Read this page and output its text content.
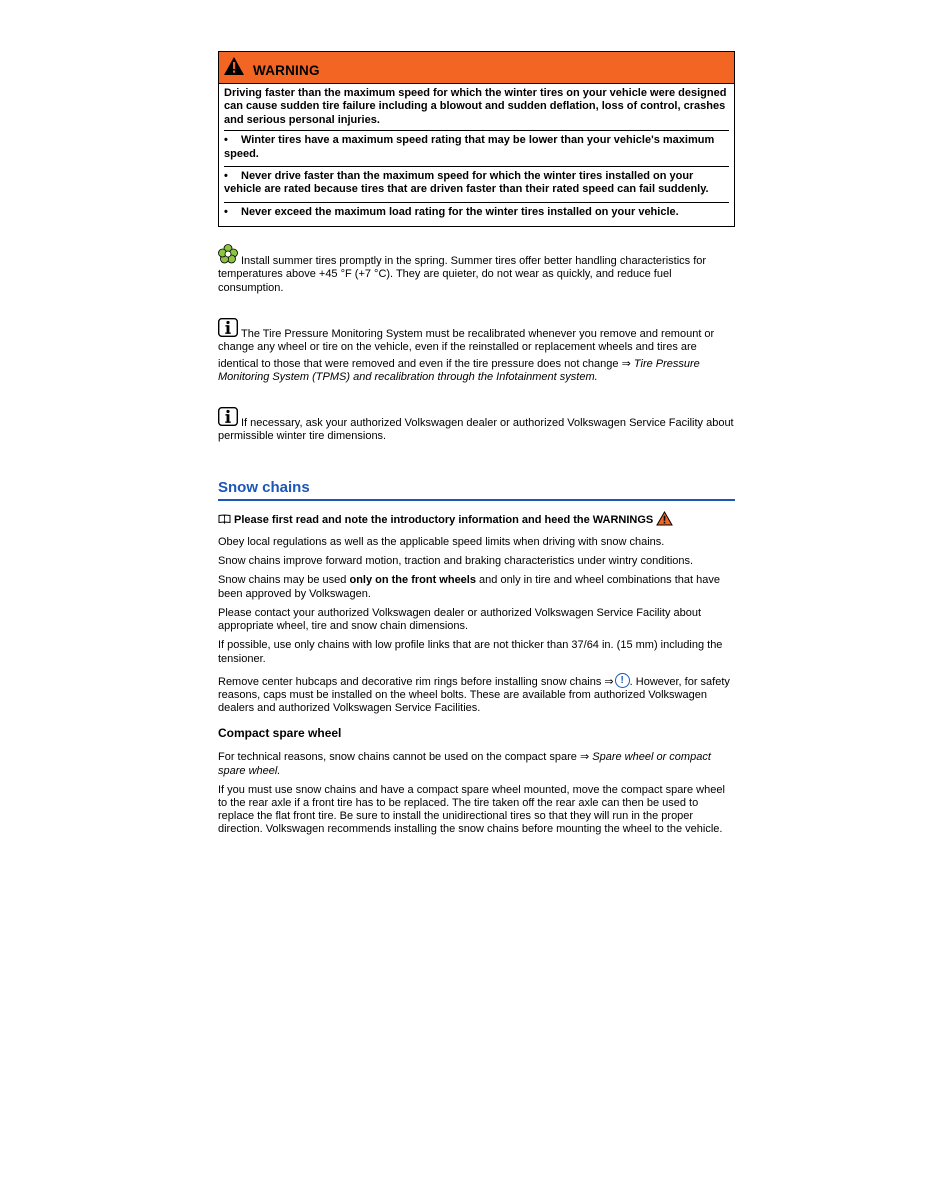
WARNING

Driving faster than the maximum speed for which the winter tires on your vehicle were designed can cause sudden tire failure including a blowout and sudden deflation, loss of control, crashes and serious personal injuries.

• Winter tires have a maximum speed rating that may be lower than your vehicle's maximum speed.

• Never drive faster than the maximum speed for which the winter tires installed on your vehicle are rated because tires that are driven faster than their rated speed can fail suddenly.

• Never exceed the maximum load rating for the winter tires installed on your vehicle.

Install summer tires promptly in the spring. Summer tires offer better handling characteristics for temperatures above +45 °F (+7 °C). They are quieter, do not wear as quickly, and reduce fuel consumption.

The Tire Pressure Monitoring System must be recalibrated whenever you remove and remount or change any wheel or tire on the vehicle, even if the reinstalled or replacement wheels and tires are

identical to those that were removed and even if the tire pressure does not change ⇒ Tire Pressure Monitoring System (TPMS) and recalibration through the Infotainment system.

If necessary, ask your authorized Volkswagen dealer or authorized Volkswagen Service Facility about permissible winter tire dimensions.

Snow chains
Please first read and note the introductory information and heed the WARNINGS

Obey local regulations as well as the applicable speed limits when driving with snow chains.

Snow chains improve forward motion, traction and braking characteristics under wintry conditions.

Snow chains may be used only on the front wheels and only in tire and wheel combinations that have been approved by Volkswagen.

Please contact your authorized Volkswagen dealer or authorized Volkswagen Service Facility about appropriate wheel, tire and snow chain dimensions.

If possible, use only chains with low profile links that are not thicker than 37/64 in. (15 mm) including the tensioner.

Remove center hubcaps and decorative rim rings before installing snow chains ⇒ ! . However, for safety reasons, caps must be installed on the wheel bolts. These are available from authorized Volkswagen dealers and authorized Volkswagen Service Facilities.

Compact spare wheel

For technical reasons, snow chains cannot be used on the compact spare ⇒ Spare wheel or compact spare wheel.

If you must use snow chains and have a compact spare wheel mounted, move the compact spare wheel to the rear axle if a front tire has to be replaced. The tire taken off the rear axle can then be used to replace the flat front tire. Be sure to install the unidirectional tires so that they will run in the proper direction. Volkswagen recommends installing the snow chains before mounting the wheel to the vehicle.
